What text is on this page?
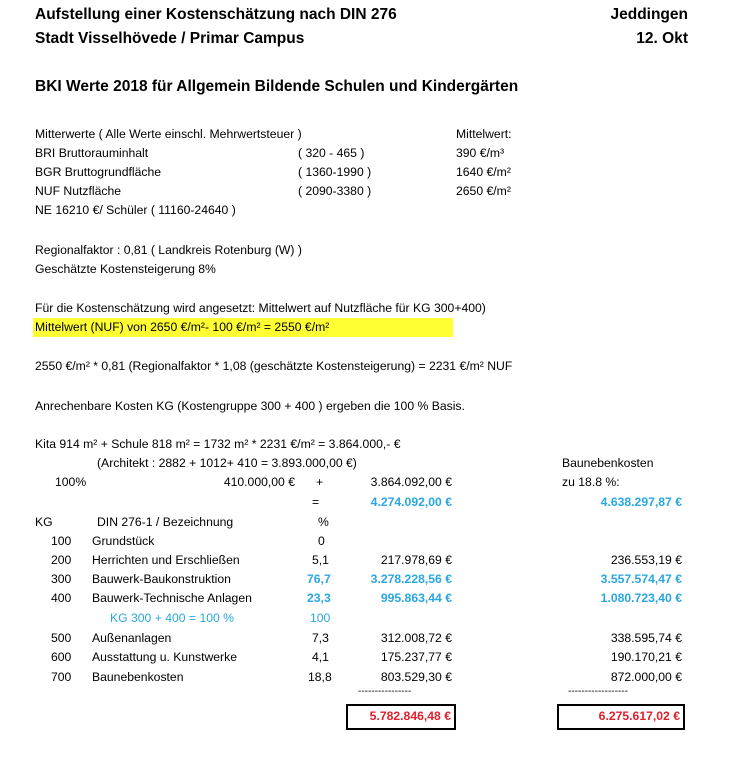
Aufstellung einer Kostenschätzung nach DIN 276	Jeddingen
Stadt Visselhövede / Primar Campus	12. Okt
BKI Werte 2018 für Allgemein Bildende Schulen und Kindergärten
Mitterwerte ( Alle Werte einschl. Mehrwertsteuer )	Mittelwert:
BRI Bruttorauminhalt	( 320 - 465 )	390 €/m³
BGR Bruttogrundfläche	( 1360-1990 )	1640 €/m²
NUF Nutzfläche	( 2090-3380 )	2650 €/m²
NE 16210 €/ Schüler ( 11160-24640 )
Regionalfaktor : 0,81 ( Landkreis Rotenburg (W) )
Geschätzte Kostensteigerung 8%
Für die Kostenschätzung wird angesetzt: Mittelwert auf Nutzfläche für KG 300+400)
Mittelwert (NUF) von 2650 €/m²- 100 €/m² = 2550 €/m²
2550 €/m² * 0,81 (Regionalfaktor * 1,08 (geschätzte Kostensteigerung) = 2231 €/m² NUF
Anrechenbare Kosten KG (Kostengruppe 300 + 400 ) ergeben die 100 % Basis.
Kita 914 m² + Schule 818 m² = 1732 m² * 2231 €/m² = 3.864.000,- €
(Architekt : 2882 + 1012+ 410 = 3.893.000,00 €)	Baunebenkosten
100%	410.000,00 € +	3.864.092,00 €	zu 18.8 %:
=	4.274.092,00 €	4.638.297,87 €
KG	DIN 276-1 / Bezeichnung	%
100 Grundstück	0
200 Herrichten und Erschließen	5,1	217.978,69 €	236.553,19 €
300 Bauwerk-Baukonstruktion	76,7	3.278.228,56 €	3.557.574,47 €
400 Bauwerk-Technische Anlagen	23,3	995.863,44 €	1.080.723,40 €
KG 300 + 400 = 100 %	100
500 Außenanlagen	7,3	312.008,72 €	338.595,74 €
600 Ausstattung u. Kunstwerke	4,1	175.237,77 €	190.170,21 €
700 Baunebenkosten	18,8	803.529,30 €	872.000,00 €
----------------	------------------
5.782.846,48 €	6.275.617,02 €
